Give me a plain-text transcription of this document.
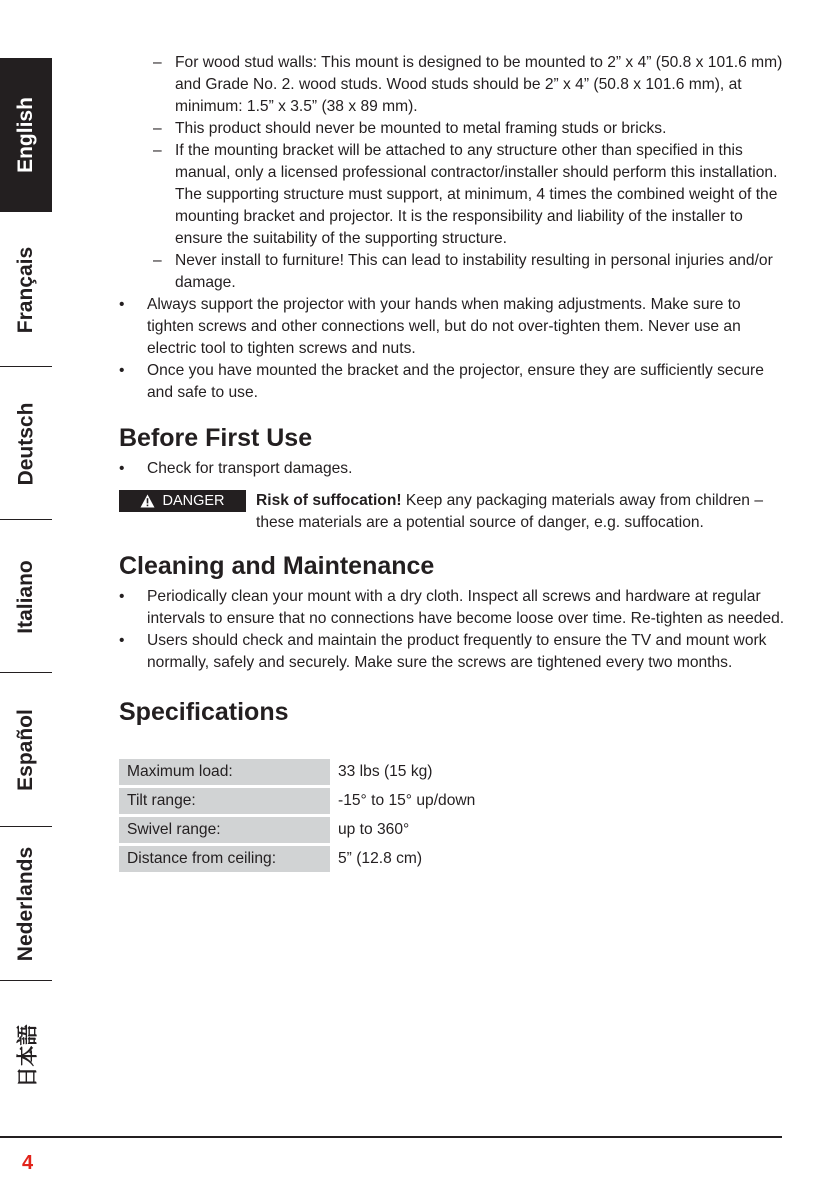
English
Français
Deutsch
Italiano
Español
Nederlands
日本語
– For wood stud walls: This mount is designed to be mounted to 2” x 4” (50.8 x 101.6 mm) and Grade No. 2. wood studs. Wood studs should be 2” x 4” (50.8 x 101.6 mm), at minimum: 1.5” x 3.5” (38 x 89 mm).
– This product should never be mounted to metal framing studs or bricks.
– If the mounting bracket will be attached to any structure other than specified in this manual, only a licensed professional contractor/installer should perform this installation. The supporting structure must support, at minimum, 4 times the combined weight of the mounting bracket and projector. It is the responsibility and liability of the installer to ensure the suitability of the supporting structure.
– Never install to furniture! This can lead to instability resulting in personal injuries and/or damage.
• Always support the projector with your hands when making adjustments. Make sure to tighten screws and other connections well, but do not over-tighten them. Never use an electric tool to tighten screws and nuts.
• Once you have mounted the bracket and the projector, ensure they are sufficiently secure and safe to use.
Before First Use
• Check for transport damages.
DANGER Risk of suffocation! Keep any packaging materials away from children – these materials are a potential source of danger, e.g. suffocation.
Cleaning and Maintenance
• Periodically clean your mount with a dry cloth. Inspect all screws and hardware at regular intervals to ensure that no connections have become loose over time. Re-tighten as needed.
• Users should check and maintain the product frequently to ensure the TV and mount work normally, safely and securely. Make sure the screws are tightened every two months.
Specifications
Maximum load:	33 lbs (15 kg)
Tilt range:	-15° to 15° up/down
Swivel range:	up to 360°
Distance from ceiling:	5” (12.8 cm)
4
